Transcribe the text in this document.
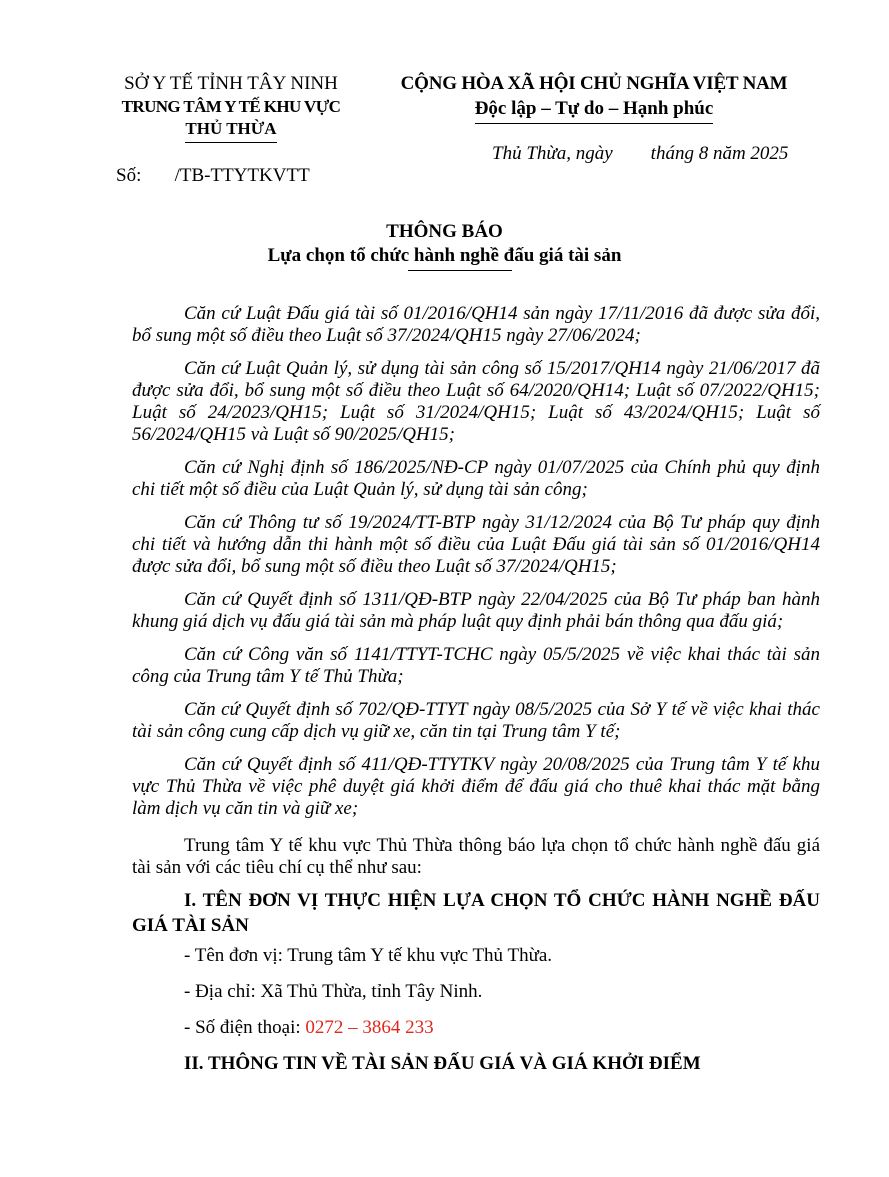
SỞ Y TẾ TỈNH TÂY NINH
TRUNG TÂM Y TẾ KHU VỰC
THỦ THỪA
CỘNG HÒA XÃ HỘI CHỦ NGHĨA VIỆT NAM
Độc lập – Tự do – Hạnh phúc
Thủ Thừa, ngày        tháng 8 năm 2025
Số:       /TB-TTYTKVTT
THÔNG BÁO
Lựa chọn tổ chức hành nghề đấu giá tài sản

Căn cứ Luật Đấu giá tài số 01/2016/QH14 sản ngày 17/11/2016 đã được sửa đổi, bổ sung một số điều theo Luật số 37/2024/QH15 ngày 27/06/2024;

Căn cứ Luật Quản lý, sử dụng tài sản công số 15/2017/QH14 ngày 21/06/2017 đã được sửa đổi, bổ sung một số điều theo Luật số 64/2020/QH14; Luật số 07/2022/QH15; Luật số 24/2023/QH15; Luật số 31/2024/QH15; Luật số 43/2024/QH15; Luật số 56/2024/QH15 và Luật số 90/2025/QH15;

Căn cứ Nghị định số 186/2025/NĐ-CP ngày 01/07/2025 của Chính phủ quy định chi tiết một số điều của Luật Quản lý, sử dụng tài sản công;

Căn cứ Thông tư số 19/2024/TT-BTP ngày 31/12/2024 của Bộ Tư pháp quy định chi tiết và hướng dẫn thi hành một số điều của Luật Đấu giá tài sản số 01/2016/QH14 được sửa đổi, bổ sung một số điều theo Luật số 37/2024/QH15;

Căn cứ Quyết định số 1311/QĐ-BTP ngày 22/04/2025 của Bộ Tư pháp ban hành khung giá dịch vụ đấu giá tài sản mà pháp luật quy định phải bán thông qua đấu giá;

Căn cứ Công văn số 1141/TTYT-TCHC ngày 05/5/2025 về việc khai thác tài sản công của Trung tâm Y tế Thủ Thừa;

Căn cứ Quyết định số 702/QĐ-TTYT ngày 08/5/2025 của Sở Y tế về việc khai thác tài sản công cung cấp dịch vụ giữ xe, căn tin tại Trung tâm Y tế;

Căn cứ Quyết định số 411/QĐ-TTYTKV ngày 20/08/2025 của Trung tâm Y tế khu vực Thủ Thừa về việc phê duyệt giá khởi điểm để đấu giá cho thuê khai thác mặt bằng làm dịch vụ căn tin và giữ xe;

Trung tâm Y tế khu vực Thủ Thừa thông báo lựa chọn tổ chức hành nghề đấu giá tài sản với các tiêu chí cụ thể như sau:

I. TÊN ĐƠN VỊ THỰC HIỆN LỰA CHỌN TỔ CHỨC HÀNH NGHỀ ĐẤU GIÁ TÀI SẢN

- Tên đơn vị: Trung tâm Y tế khu vực Thủ Thừa.

- Địa chỉ: Xã Thủ Thừa, tỉnh Tây Ninh.

- Số điện thoại: 0272 – 3864 233

II. THÔNG TIN VỀ TÀI SẢN ĐẤU GIÁ VÀ GIÁ KHỞI ĐIỂM
